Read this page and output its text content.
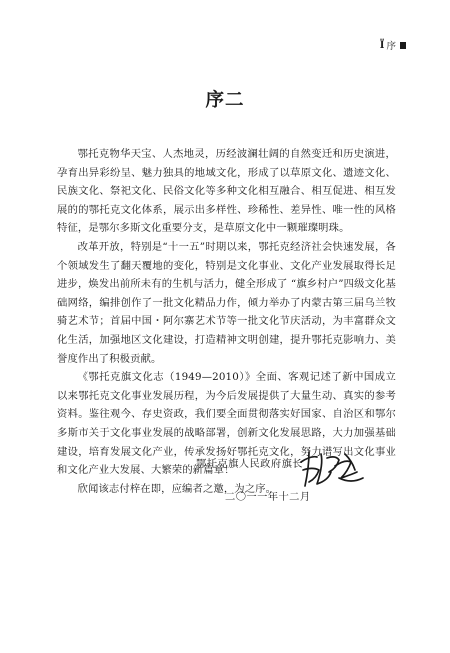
Ï 序
序二

鄂托克物华天宝、人杰地灵，历经波澜壮阔的自然变迁和历史演进，孕育出异彩纷呈、魅力独具的地域文化，形成了以草原文化、遗迹文化、民族文化、祭祀文化、民俗文化等多种文化相互融合、相互促进、相互发展的的鄂托克文化体系，展示出多样性、珍稀性、差异性、唯一性的风格特征，是鄂尔多斯文化重要分支，是草原文化中一颗璀璨明珠。

改革开放，特别是“十一五”时期以来，鄂托克经济社会快速发展，各个领域发生了翻天覆地的变化，特别是文化事业、文化产业发展取得长足进步，焕发出前所未有的生机与活力，健全形成了 “旗乡村户”四级文化基础网络，编排创作了一批文化精品力作，倾力举办了内蒙古第三届乌兰牧骑艺术节；首届中国・阿尔寨艺术节等一批文化节庆活动，为丰富群众文化生活，加强地区文化建设，打造精神文明创建，提升鄂托克影响力、美誉度作出了积极贡献。

《鄂托克旗文化志（1949—2010）》全面、客观记述了新中国成立以来鄂托克文化事业发展历程，为今后发展提供了大量生动、真实的参考资料。鉴往观今、存史资政，我们要全面贯彻落实好国家、自治区和鄂尔多斯市关于文化事业发展的战略部署，创新文化发展思路，大力加强基础建设，培育发展文化产业，传承发扬好鄂托克文化，努力谱写出文化事业和文化产业大发展、大繁荣的新篇章！

欣闻该志付梓在即，应编者之邀，为之序。

鄂托克旗人民政府旗长
二〇一一年十二月
